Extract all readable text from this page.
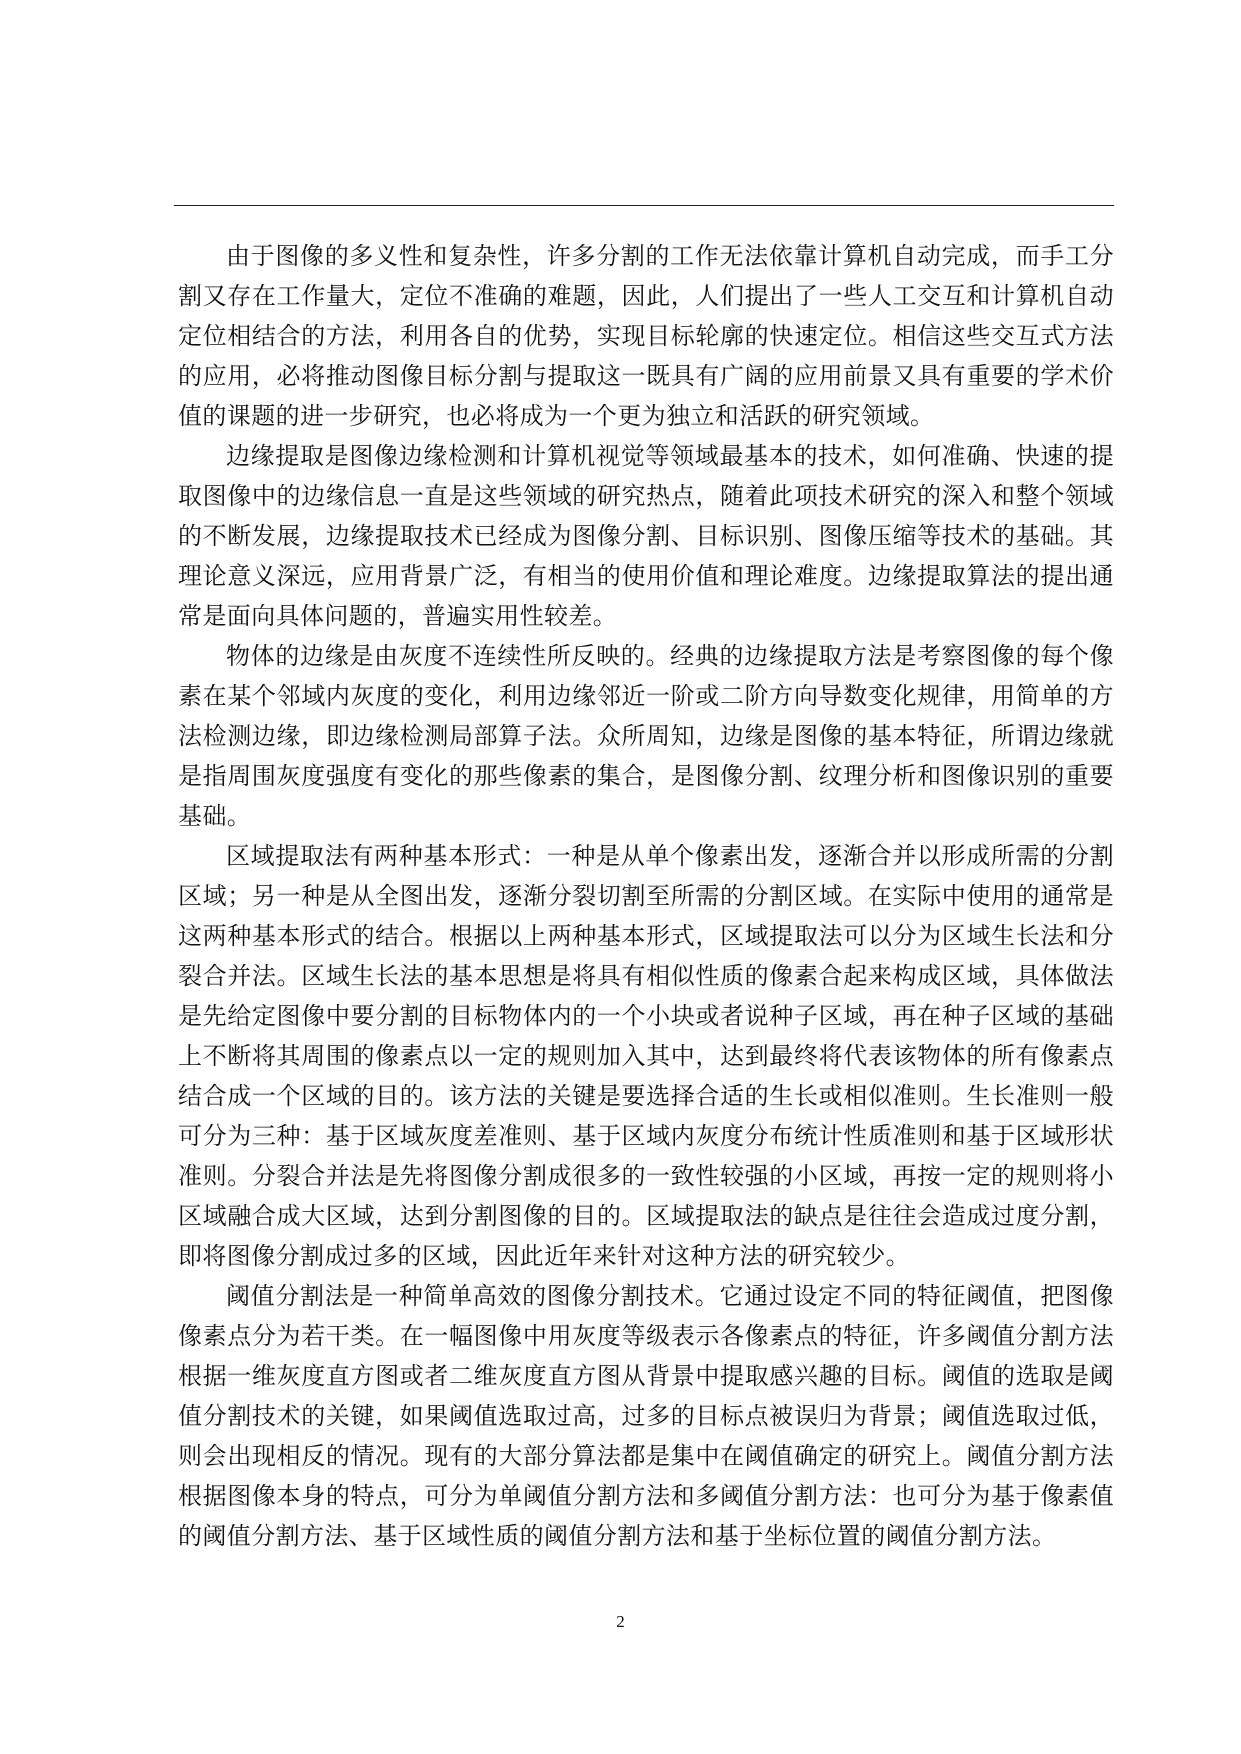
由于图像的多义性和复杂性，许多分割的工作无法依靠计算机自动完成，而手工分割又存在工作量大，定位不准确的难题，因此，人们提出了一些人工交互和计算机自动定位相结合的方法，利用各自的优势，实现目标轮廓的快速定位。相信这些交互式方法的应用，必将推动图像目标分割与提取这一既具有广阔的应用前景又具有重要的学术价值的课题的进一步研究，也必将成为一个更为独立和活跃的研究领域。

边缘提取是图像边缘检测和计算机视觉等领域最基本的技术，如何准确、快速的提取图像中的边缘信息一直是这些领域的研究热点，随着此项技术研究的深入和整个领域的不断发展，边缘提取技术已经成为图像分割、目标识别、图像压缩等技术的基础。其理论意义深远，应用背景广泛，有相当的使用价值和理论难度。边缘提取算法的提出通常是面向具体问题的，普遍实用性较差。

物体的边缘是由灰度不连续性所反映的。经典的边缘提取方法是考察图像的每个像素在某个邻域内灰度的变化，利用边缘邻近一阶或二阶方向导数变化规律，用简单的方法检测边缘，即边缘检测局部算子法。众所周知，边缘是图像的基本特征，所谓边缘就是指周围灰度强度有变化的那些像素的集合，是图像分割、纹理分析和图像识别的重要基础。

区域提取法有两种基本形式：一种是从单个像素出发，逐渐合并以形成所需的分割区域；另一种是从全图出发，逐渐分裂切割至所需的分割区域。在实际中使用的通常是这两种基本形式的结合。根据以上两种基本形式，区域提取法可以分为区域生长法和分裂合并法。区域生长法的基本思想是将具有相似性质的像素合起来构成区域，具体做法是先给定图像中要分割的目标物体内的一个小块或者说种子区域，再在种子区域的基础上不断将其周围的像素点以一定的规则加入其中，达到最终将代表该物体的所有像素点结合成一个区域的目的。该方法的关键是要选择合适的生长或相似准则。生长准则一般可分为三种：基于区域灰度差准则、基于区域内灰度分布统计性质准则和基于区域形状准则。分裂合并法是先将图像分割成很多的一致性较强的小区域，再按一定的规则将小区域融合成大区域，达到分割图像的目的。区域提取法的缺点是往往会造成过度分割，即将图像分割成过多的区域，因此近年来针对这种方法的研究较少。

阈值分割法是一种简单高效的图像分割技术。它通过设定不同的特征阈值，把图像像素点分为若干类。在一幅图像中用灰度等级表示各像素点的特征，许多阈值分割方法根据一维灰度直方图或者二维灰度直方图从背景中提取感兴趣的目标。阈值的选取是阈值分割技术的关键，如果阈值选取过高，过多的目标点被误归为背景；阈值选取过低，则会出现相反的情况。现有的大部分算法都是集中在阈值确定的研究上。阈值分割方法根据图像本身的特点，可分为单阈值分割方法和多阈值分割方法：也可分为基于像素值的阈值分割方法、基于区域性质的阈值分割方法和基于坐标位置的阈值分割方法。

2
